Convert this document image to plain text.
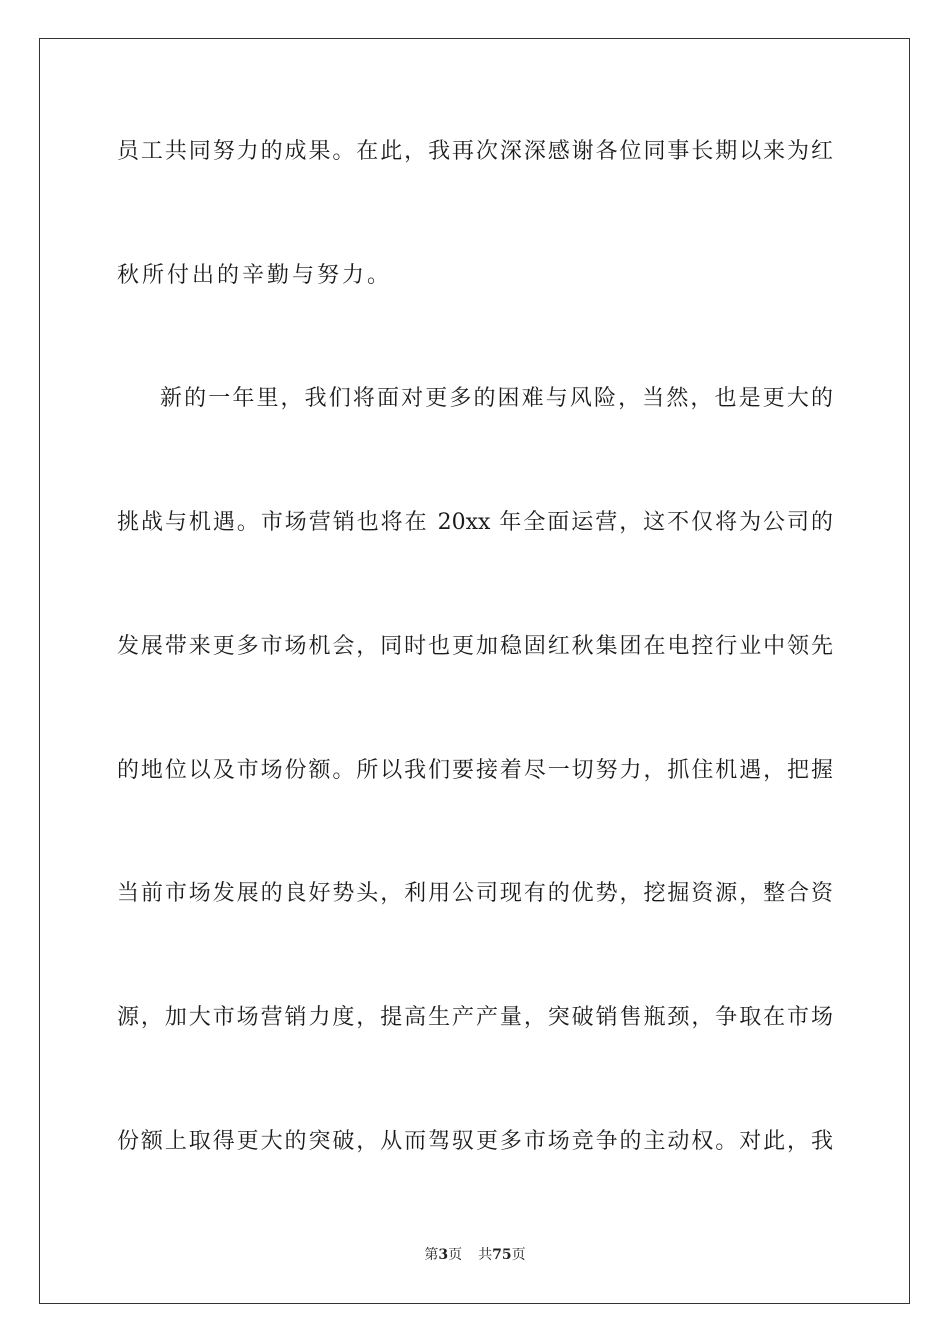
员工共同努力的成果。在此，我再次深深感谢各位同事长期以来为红
秋所付出的辛勤与努力。
新的一年里，我们将面对更多的困难与风险，当然，也是更大的
挑战与机遇。市场营销也将在 20xx 年全面运营，这不仅将为公司的
发展带来更多市场机会，同时也更加稳固红秋集团在电控行业中领先
的地位以及市场份额。所以我们要接着尽一切努力，抓住机遇，把握
当前市场发展的良好势头，利用公司现有的优势，挖掘资源，整合资
源，加大市场营销力度，提高生产产量，突破销售瓶颈，争取在市场
份额上取得更大的突破，从而驾驭更多市场竞争的主动权。对此，我
第3页 共75页
